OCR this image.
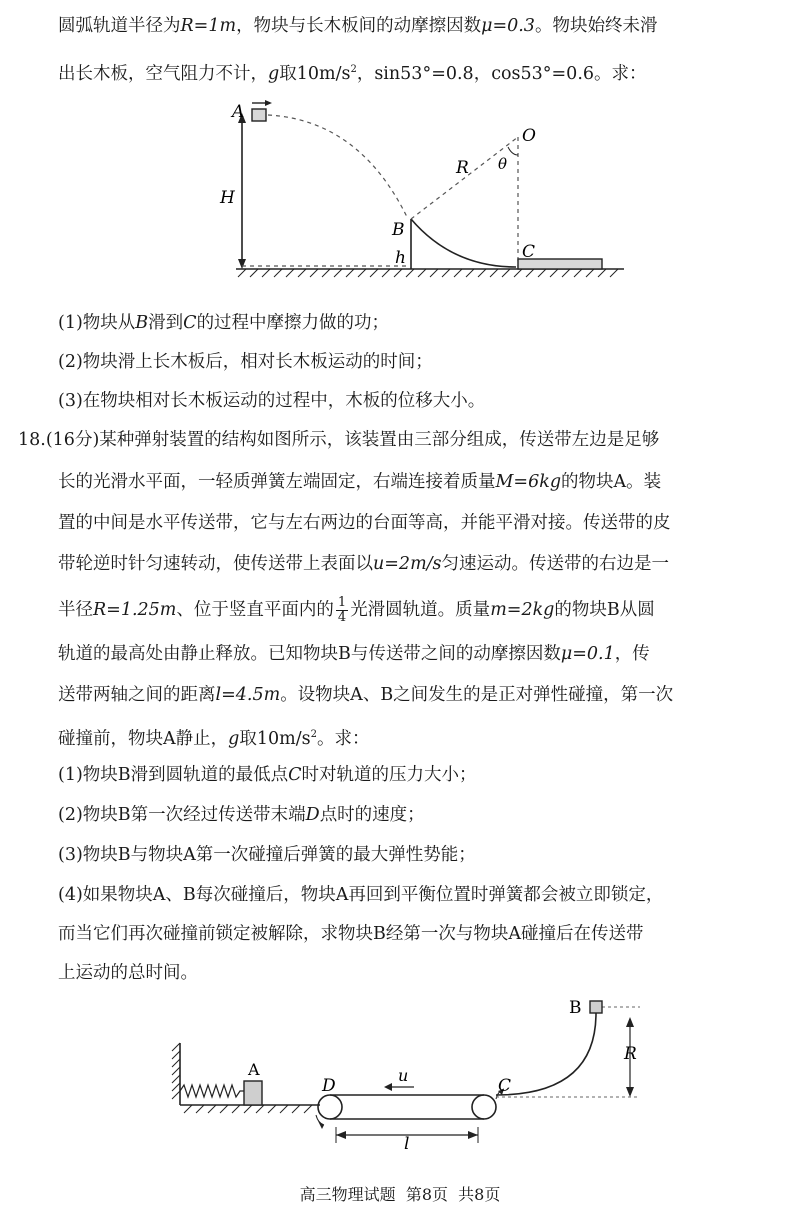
圆弧轨道半径为R=1m，物块与长木板间的动摩擦因数μ=0.3。物块始终未滑
出长木板，空气阻力不计，g取$10m/s^2$，sin53°=0.8，cos53°=0.6。求：
A
O
R θ
H
B
h	C
(1)物块从B滑到C的过程中摩擦力做的功；
(2)物块滑上长木板后，相对长木板运动的时间；
(3)在物块相对长木板运动的过程中，木板的位移大小。
18.(16分)某种弹射装置的结构如图所示，该装置由三部分组成，传送带左边是足够
长的光滑水平面，一轻质弹簧左端固定，右端连接着质量M=6kg的物块A。装
置的中间是水平传送带，它与左右两边的台面等高，并能平滑对接。传送带的皮
带轮逆时针匀速转动，使传送带上表面以u=2m/s匀速运动。传送带的右边是一
半径R=1.25m、位于竖直平面内的 $\frac{1}{4}$ 光滑圆轨道。质量m=2kg的物块B从圆
轨道的最高处由静止释放。已知物块B与传送带之间的动摩擦因数μ=0.1，传
送带两轴之间的距离l=4.5m。设物块A、B之间发生的是正对弹性碰撞，第一次
碰撞前，物块A静止，g取$10m/s^2$。求：
(1)物块B滑到圆轨道的最低点C时对轨道的压力大小；
(2)物块B第一次经过传送带末端D点时的速度；
(3)物块B与物块A第一次碰撞后弹簧的最大弹性势能；
(4)如果物块A、B每次碰撞后，物块A再回到平衡位置时弹簧都会被立即锁定，
而当它们再次碰撞前锁定被解除，求物块B经第一次与物块A碰撞后在传送带
上运动的总时间。
B
R
A
D
u
C
l
高三物理试题 第8页 共8页
